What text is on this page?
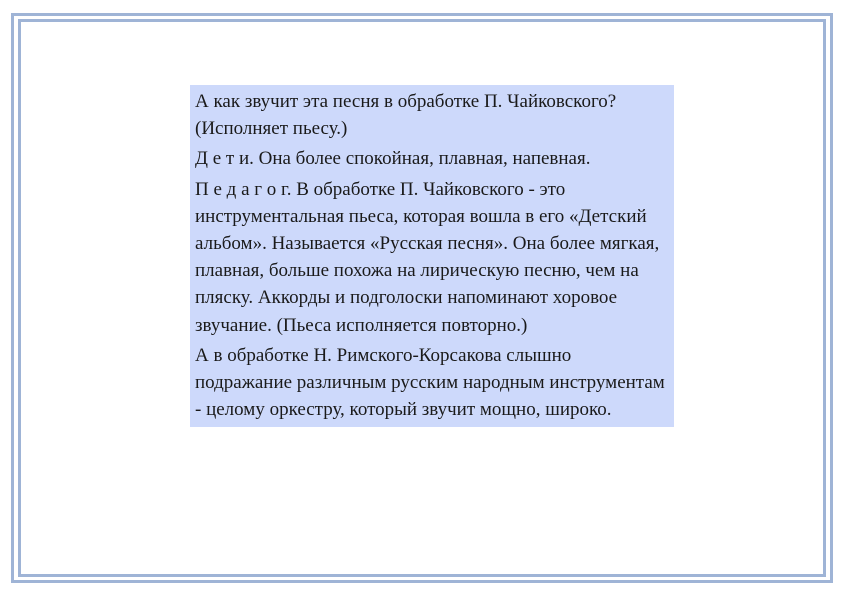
А как звучит эта песня в обработке П. Чайковского? (Исполняет пьесу.)

Д е т и. Она более спокойная, плавная, напевная.

П е д а г о г. В обработке П. Чайковского - это инструментальная пьеса, которая вошла в его «Детский альбом». Называется «Русская песня». Она более мягкая, плавная, больше похожа на лирическую песню, чем на пляску. Аккорды и подголоски напоминают хоровое звучание. (Пьеса исполняется повторно.)

А в обработке Н. Римского-Корсакова слышно подражание различным русским народным инструментам - целому оркестру, который звучит мощно, широко.
